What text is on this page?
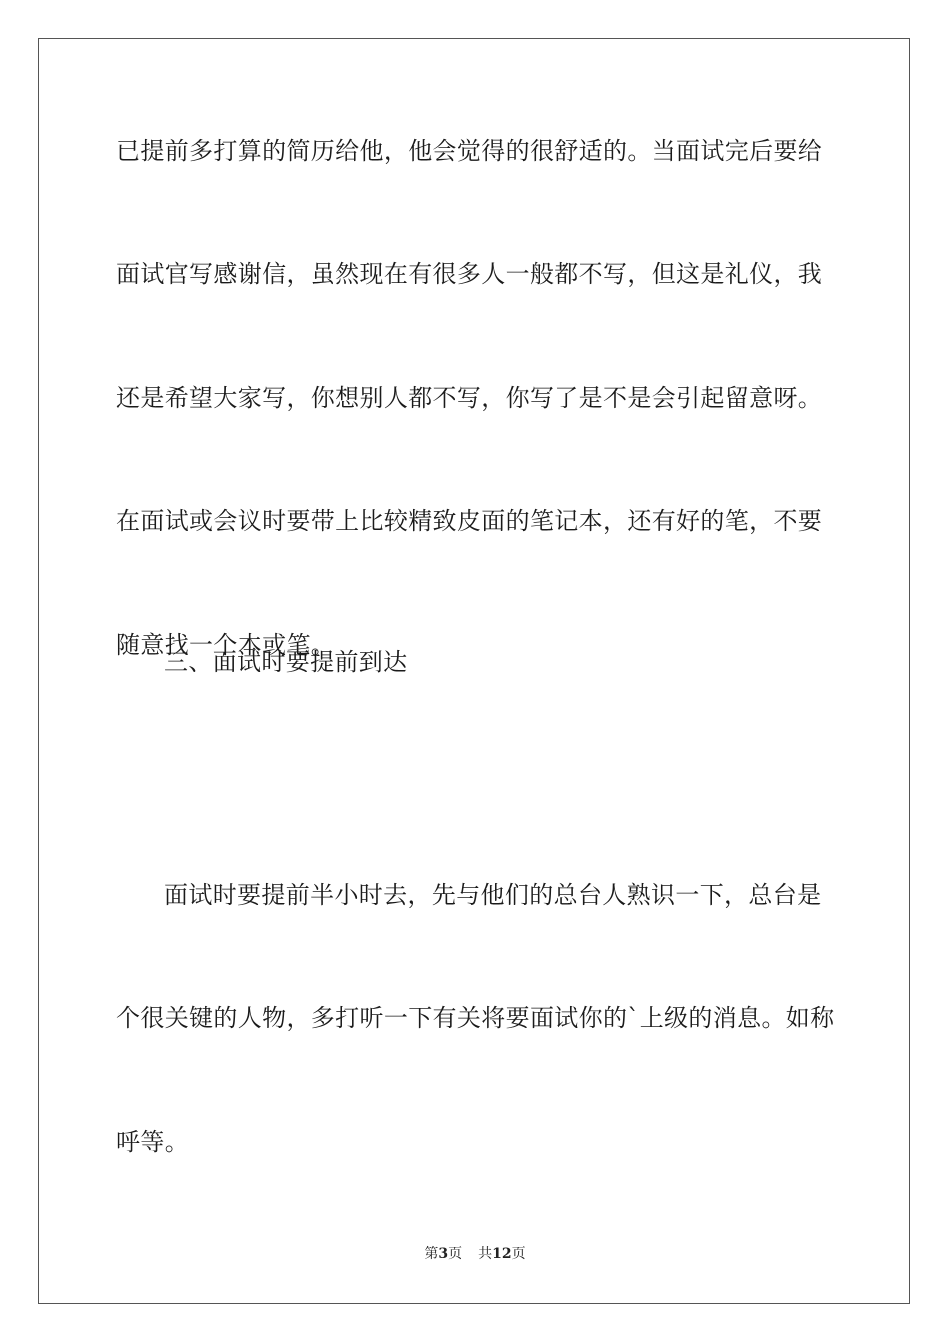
已提前多打算的简历给他，他会觉得的很舒适的。当面试完后要给面试官写感谢信，虽然现在有很多人一般都不写，但这是礼仪，我还是希望大家写，你想别人都不写，你写了是不是会引起留意呀。在面试或会议时要带上比较精致皮面的笔记本，还有好的笔，不要随意找一个本或笔。

三、面试时要提前到达

面试时要提前半小时去，先与他们的总台人熟识一下，总台是个很关键的人物，多打听一下有关将要面试你的`上级的消息。如称呼等。

第3页 共12页
